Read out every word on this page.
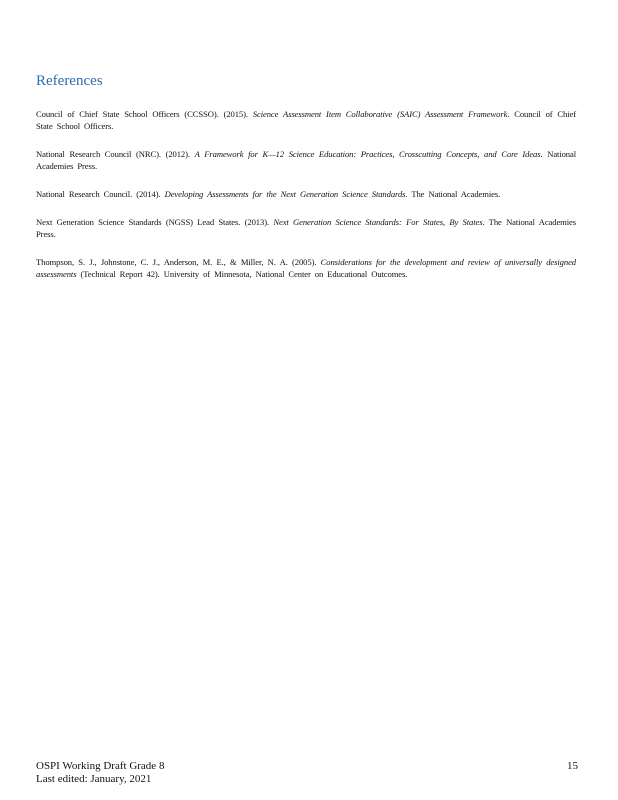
References

Council of Chief State School Officers (CCSSO). (2015). Science Assessment Item Collaborative (SAIC) Assessment Framework. Council of Chief State School Officers.

National Research Council (NRC). (2012). A Framework for K—12 Science Education: Practices, Crosscutting Concepts, and Core Ideas. National Academies Press.

National Research Council. (2014). Developing Assessments for the Next Generation Science Standards. The National Academies.

Next Generation Science Standards (NGSS) Lead States. (2013). Next Generation Science Standards: For States, By States. The National Academies Press.

Thompson, S. J., Johnstone, C. J., Anderson, M. E., & Miller, N. A. (2005). Considerations for the development and review of universally designed assessments (Technical Report 42). University of Minnesota, National Center on Educational Outcomes.

OSPI Working Draft Grade 8
Last edited: January, 2021
15
